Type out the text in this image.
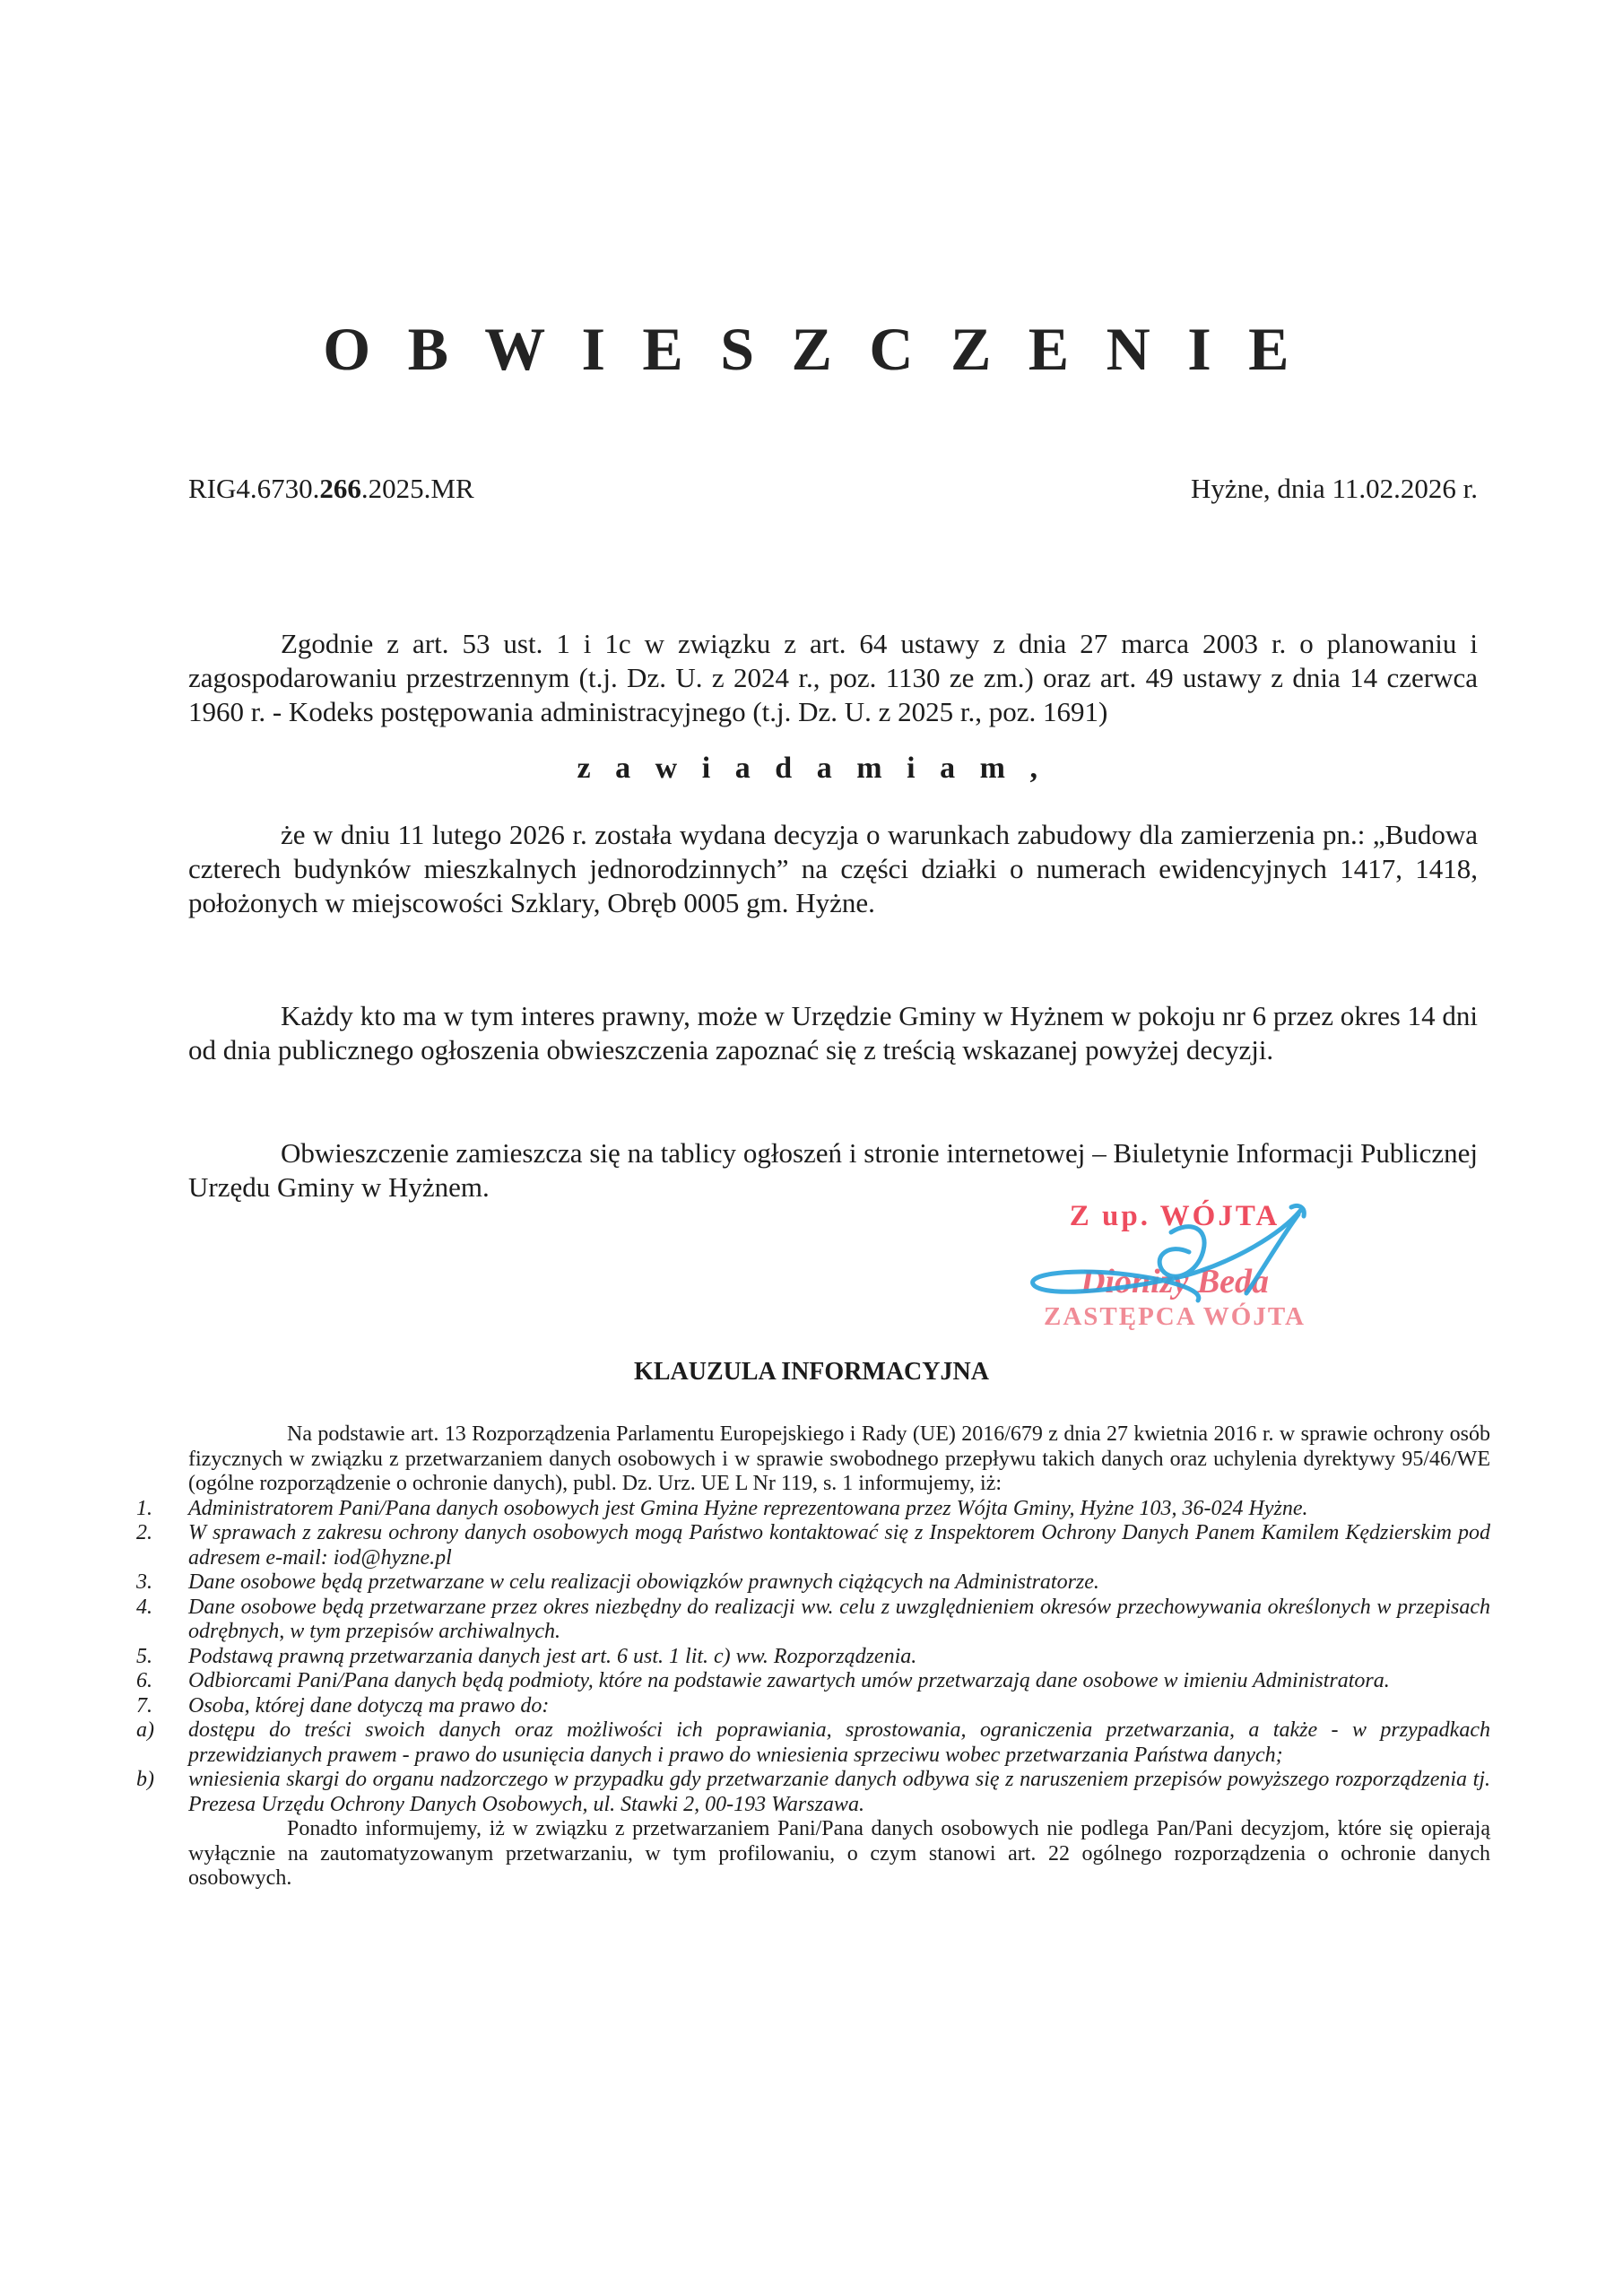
O B W I E S Z C Z E N I E
RIG4.6730.266.2025.MR	Hyżne, dnia 11.02.2026 r.

Zgodnie z art. 53 ust. 1 i 1c w związku z art. 64 ustawy z dnia 27 marca 2003 r. o planowaniu i zagospodarowaniu przestrzennym (t.j. Dz. U. z 2024 r., poz. 1130 ze zm.) oraz art. 49 ustawy z dnia 14 czerwca 1960 r. - Kodeks postępowania administracyjnego (t.j. Dz. U. z 2025 r., poz. 1691)

z a w i a d a m i a m ,

że w dniu 11 lutego 2026 r. została wydana decyzja o warunkach zabudowy dla zamierzenia pn.: „Budowa czterech budynków mieszkalnych jednorodzinnych” na części działki o numerach ewidencyjnych 1417, 1418, położonych w miejscowości Szklary, Obręb 0005 gm. Hyżne.

Każdy kto ma w tym interes prawny, może w Urzędzie Gminy w Hyżnem w pokoju nr 6 przez okres 14 dni od dnia publicznego ogłoszenia obwieszczenia zapoznać się z treścią wskazanej powyżej decyzji.

Obwieszczenie zamieszcza się na tablicy ogłoszeń i stronie internetowej – Biuletynie Informacji Publicznej Urzędu Gminy w Hyżnem.

Z up. WÓJTA
Dionizy Beda
ZASTĘPCA WÓJTA
KLAUZULA INFORMACYJNA

Na podstawie art. 13 Rozporządzenia Parlamentu Europejskiego i Rady (UE) 2016/679 z dnia 27 kwietnia 2016 r. w sprawie ochrony osób fizycznych w związku z przetwarzaniem danych osobowych i w sprawie swobodnego przepływu takich danych oraz uchylenia dyrektywy 95/46/WE (ogólne rozporządzenie o ochronie danych), publ. Dz. Urz. UE L Nr 119, s. 1 informujemy, iż:

1. Administratorem Pani/Pana danych osobowych jest Gmina Hyżne reprezentowana przez Wójta Gminy, Hyżne 103, 36-024 Hyżne.
2. W sprawach z zakresu ochrony danych osobowych mogą Państwo kontaktować się z Inspektorem Ochrony Danych Panem Kamilem Kędzierskim pod adresem e-mail: iod@hyzne.pl
3. Dane osobowe będą przetwarzane w celu realizacji obowiązków prawnych ciążących na Administratorze.
4. Dane osobowe będą przetwarzane przez okres niezbędny do realizacji ww. celu z uwzględnieniem okresów przechowywania określonych w przepisach odrębnych, w tym przepisów archiwalnych.
5. Podstawą prawną przetwarzania danych jest art. 6 ust. 1 lit. c) ww. Rozporządzenia.
6. Odbiorcami Pani/Pana danych będą podmioty, które na podstawie zawartych umów przetwarzają dane osobowe w imieniu Administratora.
7. Osoba, której dane dotyczą ma prawo do:
a) dostępu do treści swoich danych oraz możliwości ich poprawiania, sprostowania, ograniczenia przetwarzania, a także - w przypadkach przewidzianych prawem - prawo do usunięcia danych i prawo do wniesienia sprzeciwu wobec przetwarzania Państwa danych;
b) wniesienia skargi do organu nadzorczego w przypadku gdy przetwarzanie danych odbywa się z naruszeniem przepisów powyższego rozporządzenia tj. Prezesa Urzędu Ochrony Danych Osobowych, ul. Stawki 2, 00-193 Warszawa.

Ponadto informujemy, iż w związku z przetwarzaniem Pani/Pana danych osobowych nie podlega Pan/Pani decyzjom, które się opierają wyłącznie na zautomatyzowanym przetwarzaniu, w tym profilowaniu, o czym stanowi art. 22 ogólnego rozporządzenia o ochronie danych osobowych.
